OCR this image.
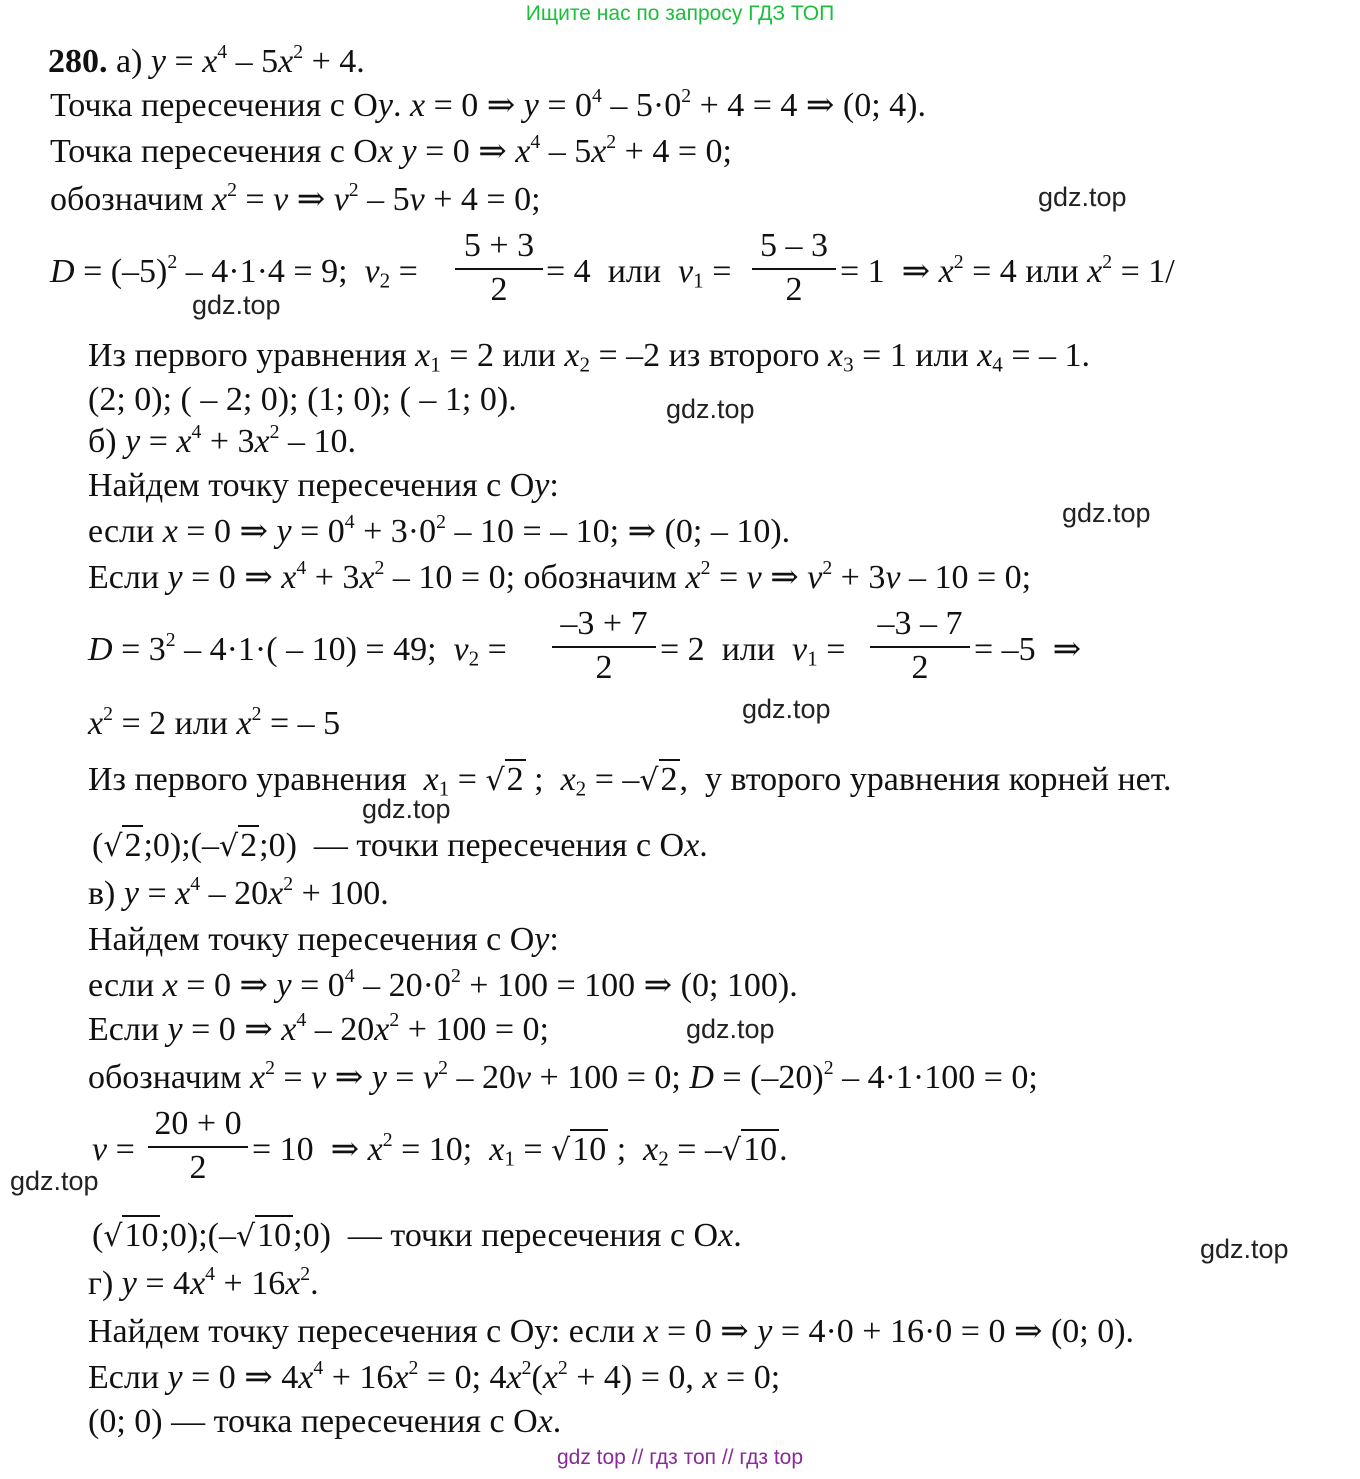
Ищите нас по запросу ГДЗ ТОП
280. а) $y = x^4 - 5x^2 + 4$.
Точка пересечения с Оy. x = 0 ⇒ $y = 0^4 - 5\cdot 0^2 + 4 = 4$ ⇒ (0; 4).
Точка пересечения с Оx y = 0 ⇒ $x^4 - 5x^2 + 4 = 0$;
обозначим $x^2 = v$ ⇒ $v^2 - 5v + 4 = 0$;
$D = (-5)^2 - 4\cdot 1\cdot 4 = 9$;  $v_2$ =
5 + 3
2	= 4  или $v_1$ =
5 – 3
2	= 1  ⇒ $x^2 = 4$ или $x^2 = 1/$
Из первого уравнения $x_1 = 2$ или $x_2 = -2$ из второго $x_3 = 1$ или $x_4$ = – 1.
(2; 0); ( – 2; 0); (1; 0); ( – 1; 0).
б) $y = x^4 + 3x^2 - 10$.
Найдем точку пересечения с Оy:
если x = 0 ⇒ $y = 0^4 + 3\cdot 0^2 - 10$ = – 10; ⇒ (0; – 10).
Если y = 0 ⇒ $x^4 + 3x^2 - 10 = 0$; обозначим $x^2 = v$ ⇒ $v^2 + 3v - 10 = 0$;
$D = 3^2 - 4\cdot 1\cdot( - 10) = 49$;  $v_2$ =
–3 + 7
2	= 2  или $v_1$ =
–3 – 7
2	= –5  ⇒
$x^2 = 2$ или $x^2$ = – 5
Из первого уравнения $x_1 = √2$ ;  $x_2 = -√2$,  у второго уравнения корней нет.
(√2;0);(–√2;0)  — точки пересечения с Оx.
в) $y = x^4 - 20x^2 + 100$.
Найдем точку пересечения с Оy:
если x = 0 ⇒ $y = 0^4 - 20\cdot 0^2 + 100 = 100$ ⇒ (0; 100).
Если y = 0 ⇒ $x^4 - 20x^2 + 100 = 0$;
обозначим $x^2 = v$ ⇒ $y = v^2 - 20v + 100 = 0$; $D = (-20)^2 - 4\cdot 1\cdot 100 = 0$;
v =
20 + 0
2	= 10  ⇒ $x^2 = 10$;  $x_1 = √10$ ;  $x_2 = -√10$.
(√10;0);(–√10;0)  — точки пересечения с Оx.
г) $y = 4x^4 + 16x^2$.
Найдем точку пересечения с Оу: если x = 0 ⇒ y = 4·0 + 16·0 = 0 ⇒ (0; 0).
Если y = 0 ⇒ $4x^4 + 16x^2 = 0$; $4x^2(x^2 + 4) = 0$, x = 0;
(0; 0) — точка пересечения с Оx.
gdz.top
gdz.top
gdz.top
gdz.top
gdz.top
gdz.top
gdz.top
gdz.top
gdz.top
gdz top // гдз топ // гдз top
